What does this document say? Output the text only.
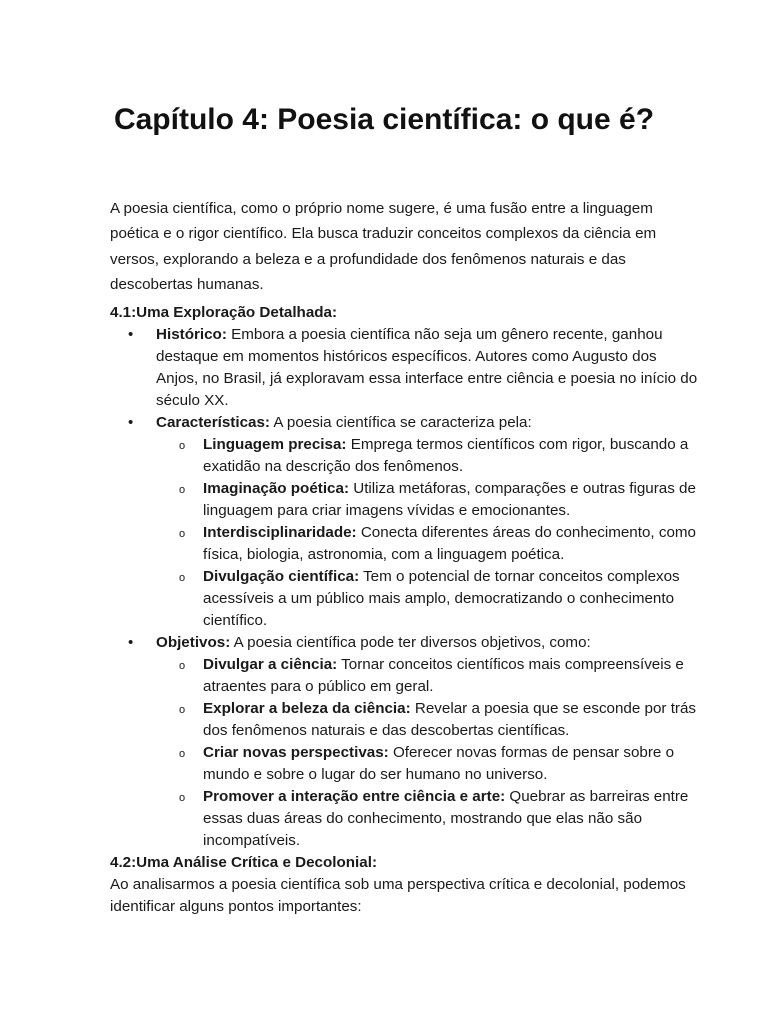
Capítulo 4: Poesia científica: o que é?

A poesia científica, como o próprio nome sugere, é uma fusão entre a linguagem poética e o rigor científico. Ela busca traduzir conceitos complexos da ciência em versos, explorando a beleza e a profundidade dos fenômenos naturais e das descobertas humanas.

4.1:Uma Exploração Detalhada:

• Histórico: Embora a poesia científica não seja um gênero recente, ganhou destaque em momentos históricos específicos. Autores como Augusto dos Anjos, no Brasil, já exploravam essa interface entre ciência e poesia no início do século XX.
• Características: A poesia científica se caracteriza pela:
o Linguagem precisa: Emprega termos científicos com rigor, buscando a exatidão na descrição dos fenômenos.
o Imaginação poética: Utiliza metáforas, comparações e outras figuras de linguagem para criar imagens vívidas e emocionantes.
o Interdisciplinaridade: Conecta diferentes áreas do conhecimento, como física, biologia, astronomia, com a linguagem poética.
o Divulgação científica: Tem o potencial de tornar conceitos complexos acessíveis a um público mais amplo, democratizando o conhecimento científico.
• Objetivos: A poesia científica pode ter diversos objetivos, como:
o Divulgar a ciência: Tornar conceitos científicos mais compreensíveis e atraentes para o público em geral.
o Explorar a beleza da ciência: Revelar a poesia que se esconde por trás dos fenômenos naturais e das descobertas científicas.
o Criar novas perspectivas: Oferecer novas formas de pensar sobre o mundo e sobre o lugar do ser humano no universo.
o Promover a interação entre ciência e arte: Quebrar as barreiras entre essas duas áreas do conhecimento, mostrando que elas não são incompatíveis.

4.2:Uma Análise Crítica e Decolonial:

Ao analisarmos a poesia científica sob uma perspectiva crítica e decolonial, podemos identificar alguns pontos importantes:
